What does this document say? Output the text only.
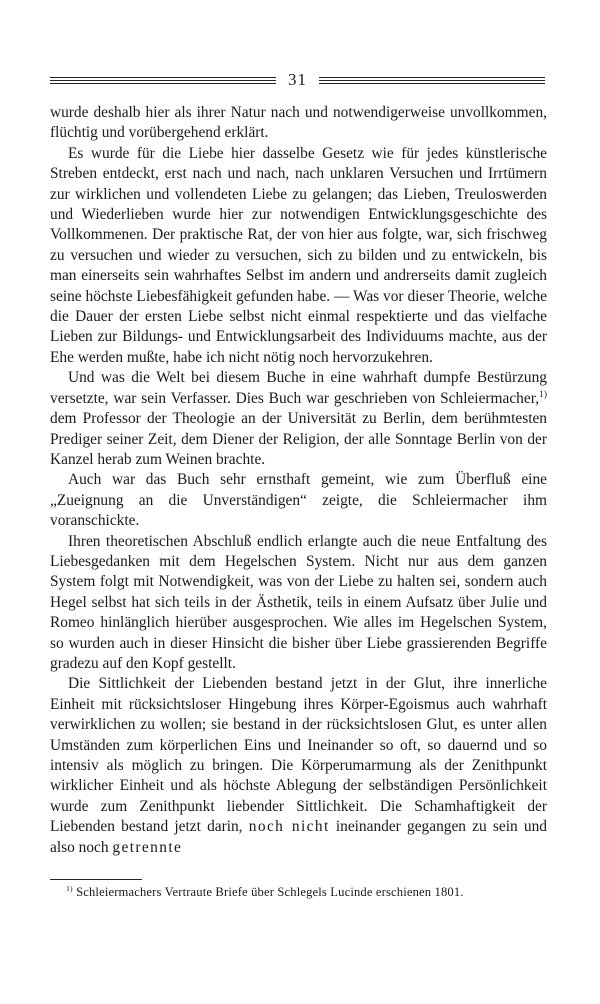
31

wurde deshalb hier als ihrer Natur nach und notwendigerweise unvollkommen, flüchtig und vorübergehend erklärt.

Es wurde für die Liebe hier dasselbe Gesetz wie für jedes künstlerische Streben entdeckt, erst nach und nach, nach unklaren Versuchen und Irrtümern zur wirklichen und vollendeten Liebe zu gelangen; das Lieben, Treuloswerden und Wiederlieben wurde hier zur notwendigen Entwicklungsgeschichte des Vollkommenen. Der praktische Rat, der von hier aus folgte, war, sich frischweg zu versuchen und wieder zu versuchen, sich zu bilden und zu entwickeln, bis man einerseits sein wahrhaftes Selbst im andern und andrerseits damit zugleich seine höchste Liebesfähigkeit gefunden habe. — Was vor dieser Theorie, welche die Dauer der ersten Liebe selbst nicht einmal respektierte und das vielfache Lieben zur Bildungs- und Entwicklungsarbeit des Individuums machte, aus der Ehe werden mußte, habe ich nicht nötig noch hervorzukehren.

Und was die Welt bei diesem Buche in eine wahrhaft dumpfe Bestürzung versetzte, war sein Verfasser. Dies Buch war geschrieben von Schleiermacher,$^{1)}$ dem Professor der Theologie an der Universität zu Berlin, dem berühmtesten Prediger seiner Zeit, dem Diener der Religion, der alle Sonntage Berlin von der Kanzel herab zum Weinen brachte.

Auch war das Buch sehr ernsthaft gemeint, wie zum Überfluß eine „Zueignung an die Unverständigen“ zeigte, die Schleiermacher ihm voranschickte.

Ihren theoretischen Abschluß endlich erlangte auch die neue Entfaltung des Liebesgedanken mit dem Hegelschen System. Nicht nur aus dem ganzen System folgt mit Notwendigkeit, was von der Liebe zu halten sei, sondern auch Hegel selbst hat sich teils in der Ästhetik, teils in einem Aufsatz über Julie und Romeo hinlänglich hierüber ausgesprochen. Wie alles im Hegelschen System, so wurden auch in dieser Hinsicht die bisher über Liebe grassierenden Begriffe gradezu auf den Kopf gestellt.

Die Sittlichkeit der Liebenden bestand jetzt in der Glut, ihre innerliche Einheit mit rücksichtsloser Hingebung ihres Körper-Egoismus auch wahrhaft verwirklichen zu wollen; sie bestand in der rücksichtslosen Glut, es unter allen Umständen zum körperlichen Eins und Ineinander so oft, so dauernd und so intensiv als möglich zu bringen. Die Körperumarmung als der Zenithpunkt wirklicher Einheit und als höchste Ablegung der selbständigen Persönlichkeit wurde zum Zenithpunkt liebender Sittlichkeit. Die Schamhaftigkeit der Liebenden bestand jetzt darin, noch nicht ineinander gegangen zu sein und also noch getrennte

$^{1)}$ Schleiermachers Vertraute Briefe über Schlegels Lucinde erschienen 1801.
